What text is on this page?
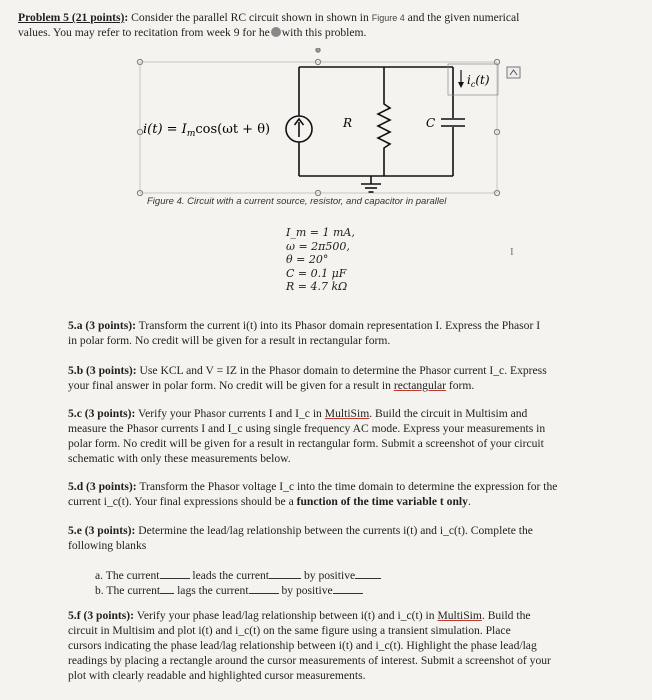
Problem 5 (21 points): Consider the parallel RC circuit shown in shown in Figure 4 and the given numerical
values. You may refer to recitation from week 9 for he with this problem.
$i_c(t)$
$i(t) = I_m\cos(\omega t + \theta)$	R	C
Figure 4. Circuit with a current source, resistor, and capacitor in parallel
I_m = 1 mA,
ω = 2π500,
θ = 20°
C = 0.1 μF
R = 4.7 kΩ
I
5.a (3 points): Transform the current i(t) into its Phasor domain representation I. Express the Phasor I
in polar form. No credit will be given for a result in rectangular form.
5.b (3 points): Use KCL and V = IZ in the Phasor domain to determine the Phasor current I_c. Express
your final answer in polar form. No credit will be given for a result in rectangular form.
5.c (3 points): Verify your Phasor currents I and I_c in MultiSim. Build the circuit in Multisim and
measure the Phasor currents I and I_c using single frequency AC mode. Express your measurements in
polar form. No credit will be given for a result in rectangular form. Submit a screenshot of your circuit
schematic with only these measurements below.
5.d (3 points): Transform the Phasor voltage I_c into the time domain to determine the expression for the
current i_c(t). Your final expressions should be a function of the time variable t only.
5.e (3 points): Determine the lead/lag relationship between the currents i(t) and i_c(t). Complete the
following blanks
a. The current	leads the current	by positive
b. The current lags the current	by positive
5.f (3 points): Verify your phase lead/lag relationship between i(t) and i_c(t) in MultiSim. Build the
circuit in Multisim and plot i(t) and i_c(t) on the same figure using a transient simulation. Place
cursors indicating the phase lead/lag relationship between i(t) and i_c(t). Highlight the phase lead/lag
readings by placing a rectangle around the cursor measurements of interest. Submit a screenshot of your
plot with clearly readable and highlighted cursor measurements.
